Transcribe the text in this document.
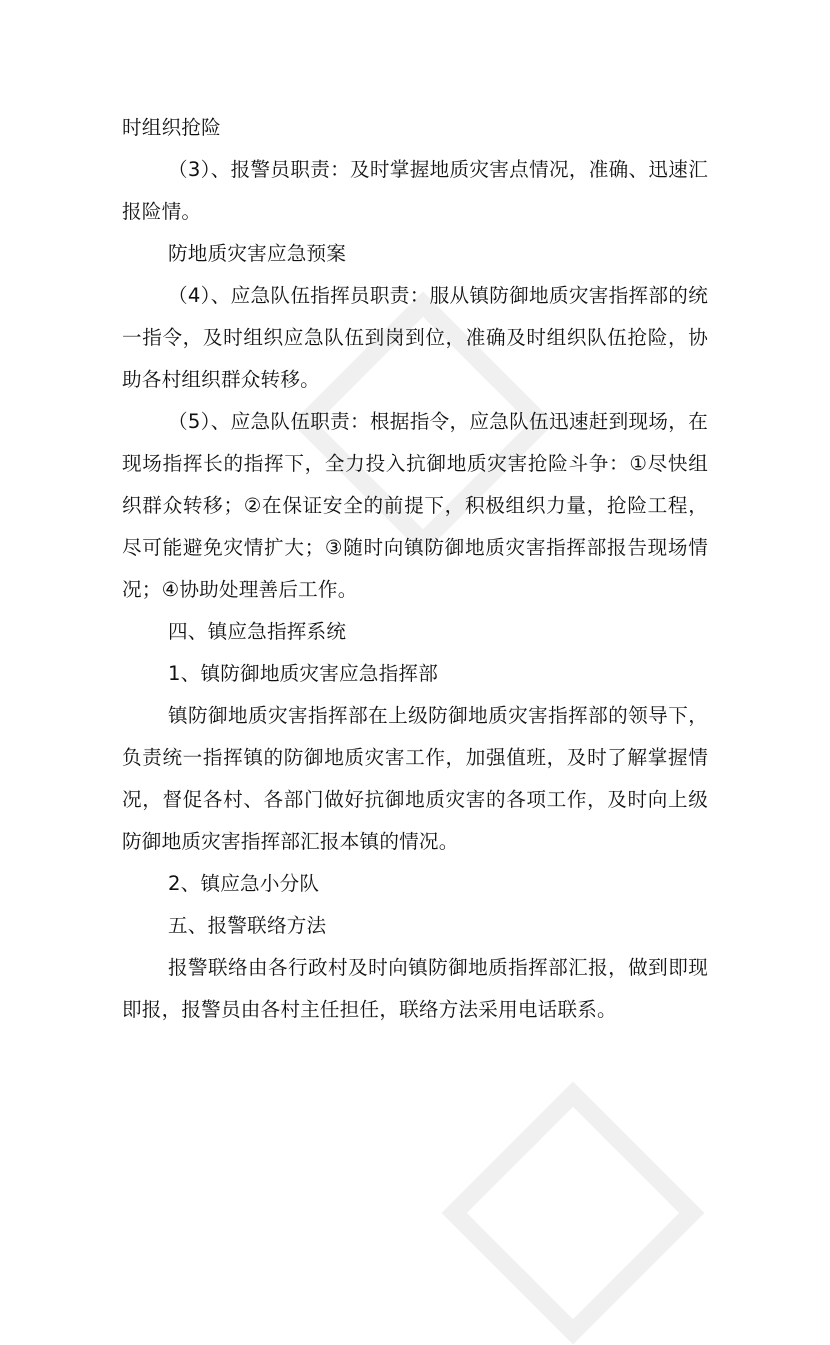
时组织抢险

（3）、报警员职责：及时掌握地质灾害点情况，准确、迅速汇报险情。

防地质灾害应急预案

（4）、应急队伍指挥员职责：服从镇防御地质灾害指挥部的统一指令，及时组织应急队伍到岗到位，准确及时组织队伍抢险，协助各村组织群众转移。

（5）、应急队伍职责：根据指令，应急队伍迅速赶到现场，在现场指挥长的指挥下，全力投入抗御地质灾害抢险斗争：①尽快组织群众转移；②在保证安全的前提下，积极组织力量，抢险工程，尽可能避免灾情扩大；③随时向镇防御地质灾害指挥部报告现场情况；④协助处理善后工作。

四、镇应急指挥系统

1、镇防御地质灾害应急指挥部

镇防御地质灾害指挥部在上级防御地质灾害指挥部的领导下，负责统一指挥镇的防御地质灾害工作，加强值班，及时了解掌握情况，督促各村、各部门做好抗御地质灾害的各项工作，及时向上级防御地质灾害指挥部汇报本镇的情况。

2、镇应急小分队

五、报警联络方法

报警联络由各行政村及时向镇防御地质指挥部汇报，做到即现即报，报警员由各村主任担任，联络方法采用电话联系。
